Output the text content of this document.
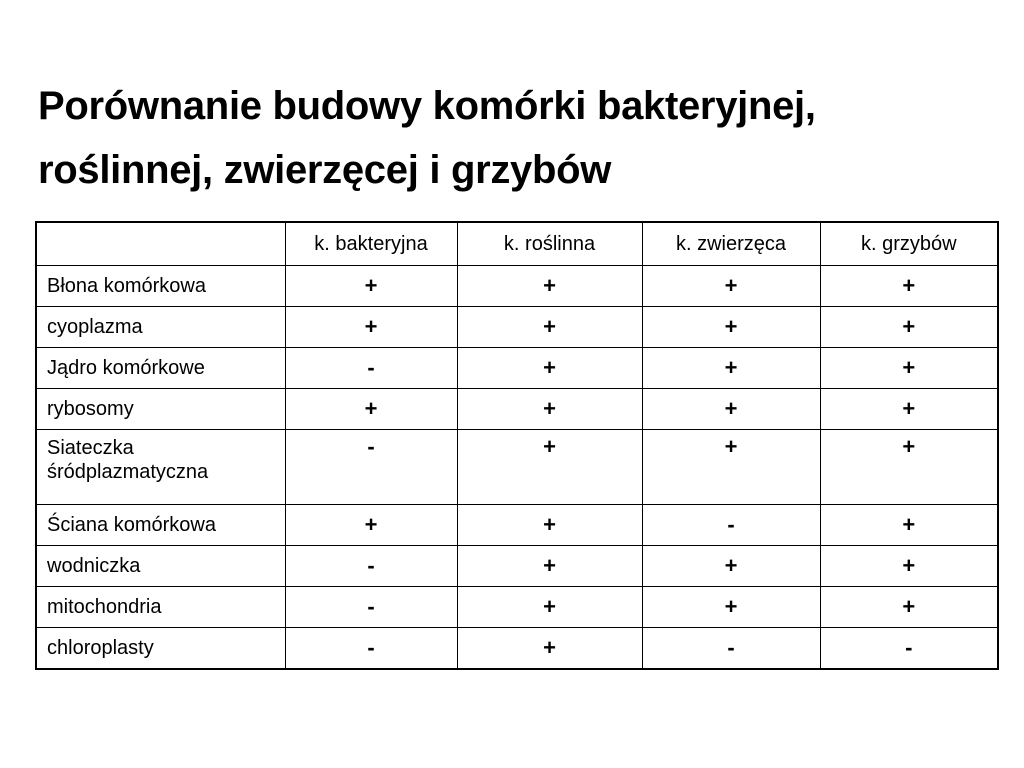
Porównanie budowy komórki bakteryjnej,
roślinnej, zwierzęcej i grzybów
	k. bakteryjna	k. roślinna	k. zwierzęca	k. grzybów
Błona komórkowa	+	+	+	+
cyoplazma	+	+	+	+
Jądro komórkowe	-	+	+	+
rybosomy	+	+	+	+
Siateczka śródplazmatyczna	-	+	+	+
Ściana komórkowa	+	+	-	+
wodniczka	-	+	+	+
mitochondria	-	+	+	+
chloroplasty	-	+	-	-
